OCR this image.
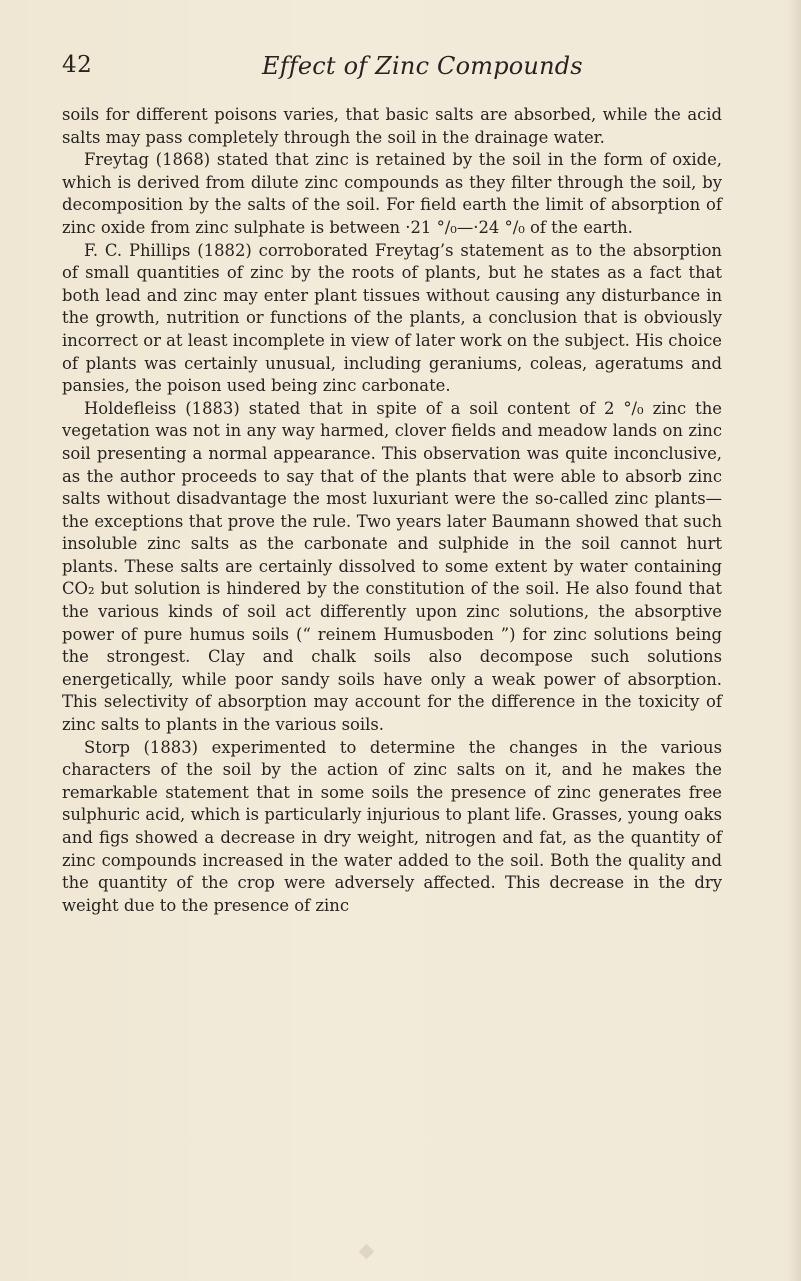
42	Effect of Zinc Compounds

soils for different poisons varies, that basic salts are absorbed, while the acid salts may pass completely through the soil in the drainage water.

Freytag (1868) stated that zinc is retained by the soil in the form of oxide, which is derived from dilute zinc compounds as they filter through the soil, by decomposition by the salts of the soil. For field earth the limit of absorption of zinc oxide from zinc sulphate is between ·21 °/₀—·24 °/₀ of the earth.

F. C. Phillips (1882) corroborated Freytag’s statement as to the absorption of small quantities of zinc by the roots of plants, but he states as a fact that both lead and zinc may enter plant tissues without causing any disturbance in the growth, nutrition or functions of the plants, a conclusion that is obviously incorrect or at least incomplete in view of later work on the subject. His choice of plants was certainly unusual, including geraniums, coleas, ageratums and pansies, the poison used being zinc carbonate.

Holdefleiss (1883) stated that in spite of a soil content of 2 °/₀ zinc the vegetation was not in any way harmed, clover fields and meadow lands on zinc soil presenting a normal appearance. This observation was quite inconclusive, as the author proceeds to say that of the plants that were able to absorb zinc salts without disadvantage the most luxuriant were the so-called zinc plants—the exceptions that prove the rule. Two years later Baumann showed that such insoluble zinc salts as the carbonate and sulphide in the soil cannot hurt plants. These salts are certainly dissolved to some extent by water containing CO₂ but solution is hindered by the constitution of the soil. He also found that the various kinds of soil act differently upon zinc solutions, the absorptive power of pure humus soils (“ reinem Humusboden ”) for zinc solutions being the strongest. Clay and chalk soils also decompose such solutions energetically, while poor sandy soils have only a weak power of absorption. This selectivity of absorption may account for the difference in the toxicity of zinc salts to plants in the various soils.

Storp (1883) experimented to determine the changes in the various characters of the soil by the action of zinc salts on it, and he makes the remarkable statement that in some soils the presence of zinc generates free sulphuric acid, which is particularly injurious to plant life. Grasses, young oaks and figs showed a decrease in dry weight, nitrogen and fat, as the quantity of zinc compounds increased in the water added to the soil. Both the quality and the quantity of the crop were adversely affected. This decrease in the dry weight due to the presence of zinc
